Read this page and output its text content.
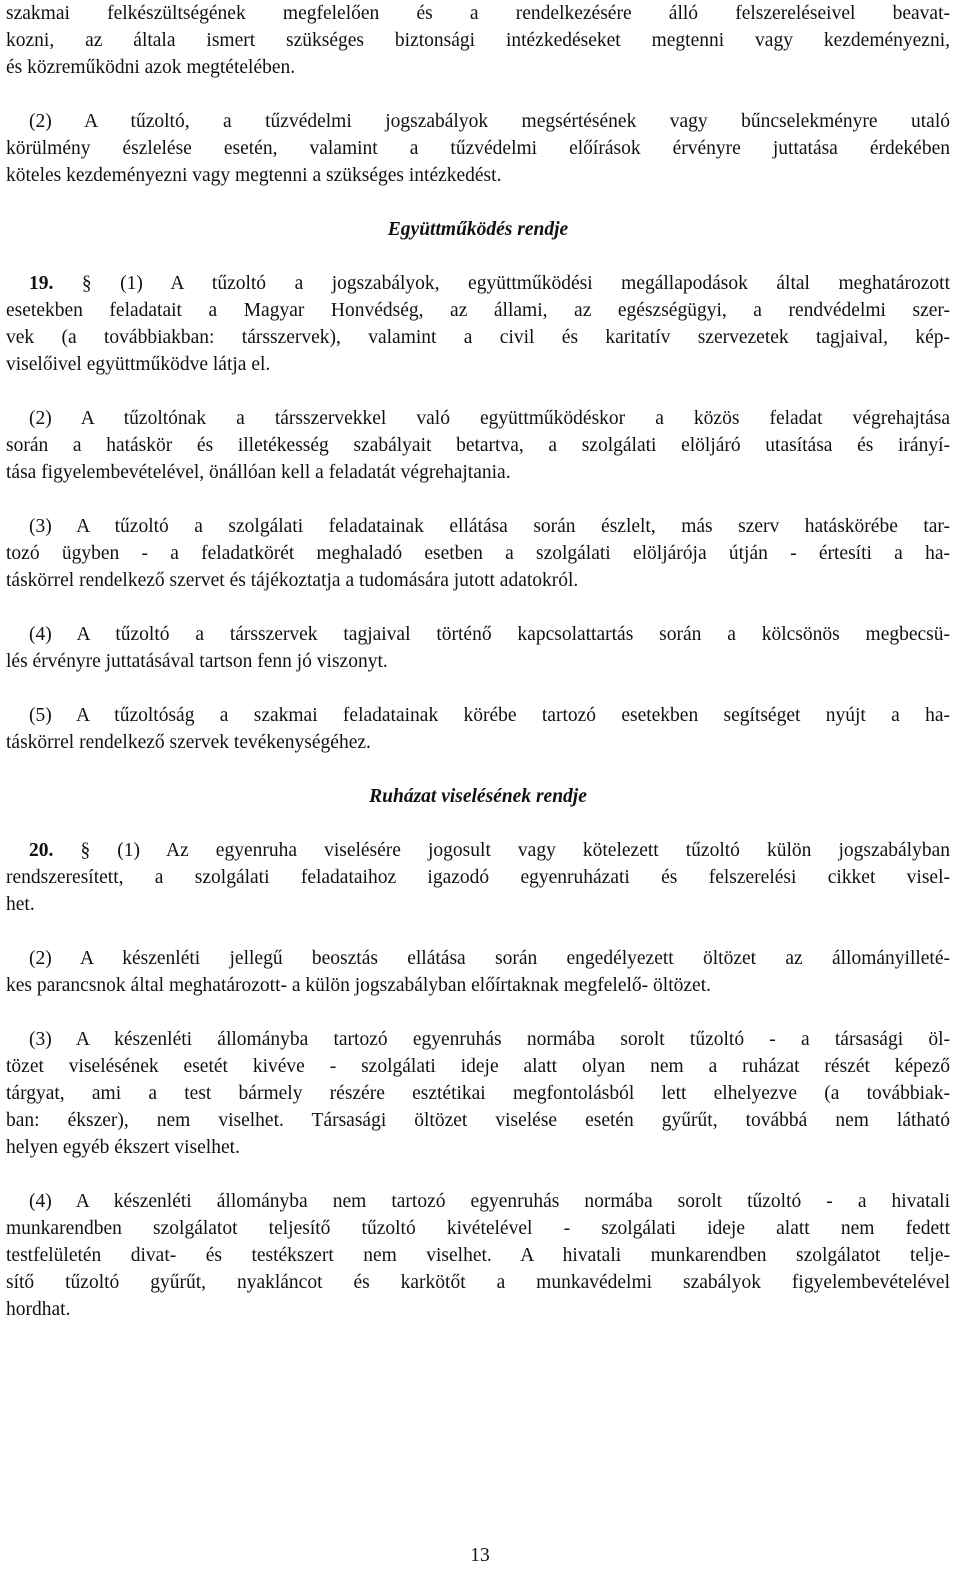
szakmai felkészültségének megfelelően és a rendelkezésére álló felszereléseivel beavat-
kozni, az általa ismert szükséges biztonsági intézkedéseket megtenni vagy kezdeményezni,
és közreműködni azok megtételében.
(2) A tűzoltó, a tűzvédelmi jogszabályok megsértésének vagy bűncselekményre utaló
körülmény észlelése esetén, valamint a tűzvédelmi előírások érvényre juttatása érdekében
köteles kezdeményezni vagy megtenni a szükséges intézkedést.
Együttműködés rendje
19. § (1) A tűzoltó a jogszabályok, együttműködési megállapodások által meghatározott
esetekben feladatait a Magyar Honvédség, az állami, az egészségügyi, a rendvédelmi szer-
vek (a továbbiakban: társszervek), valamint a civil és karitatív szervezetek tagjaival, kép-
viselőivel együttműködve látja el.
(2) A tűzoltónak a társszervekkel való együttműködéskor a közös feladat végrehajtása
során a hatáskör és illetékesség szabályait betartva, a szolgálati elöljáró utasítása és irányí-
tása figyelembevételével, önállóan kell a feladatát végrehajtania.
(3) A tűzoltó a szolgálati feladatainak ellátása során észlelt, más szerv hatáskörébe tar-
tozó ügyben - a feladatkörét meghaladó esetben a szolgálati elöljárója útján - értesíti a ha-
táskörrel rendelkező szervet és tájékoztatja a tudomására jutott adatokról.
(4) A tűzoltó a társszervek tagjaival történő kapcsolattartás során a kölcsönös megbecsü-
lés érvényre juttatásával tartson fenn jó viszonyt.
(5) A tűzoltóság a szakmai feladatainak körébe tartozó esetekben segítséget nyújt a ha-
táskörrel rendelkező szervek tevékenységéhez.
Ruházat viselésének rendje
20. § (1) Az egyenruha viselésére jogosult vagy kötelezett tűzoltó külön jogszabályban
rendszeresített, a szolgálati feladataihoz igazodó egyenruházati és felszerelési cikket visel-
het.
(2) A készenléti jellegű beosztás ellátása során engedélyezett öltözet az állományilleté-
kes parancsnok által meghatározott- a külön jogszabályban előírtaknak megfelelő- öltözet.
(3) A készenléti állományba tartozó egyenruhás normába sorolt tűzoltó - a társasági öl-
tözet viselésének esetét kivéve - szolgálati ideje alatt olyan nem a ruházat részét képező
tárgyat, ami a test bármely részére esztétikai megfontolásból lett elhelyezve (a továbbiak-
ban: ékszer), nem viselhet. Társasági öltözet viselése esetén gyűrűt, továbbá nem látható
helyen egyéb ékszert viselhet.
(4) A készenléti állományba nem tartozó egyenruhás normába sorolt tűzoltó - a hivatali
munkarendben szolgálatot teljesítő tűzoltó kivételével - szolgálati ideje alatt nem fedett
testfelületén divat- és testékszert nem viselhet. A hivatali munkarendben szolgálatot telje-
sítő tűzoltó gyűrűt, nyakláncot és karkötőt a munkavédelmi szabályok figyelembevételével
hordhat.
13
